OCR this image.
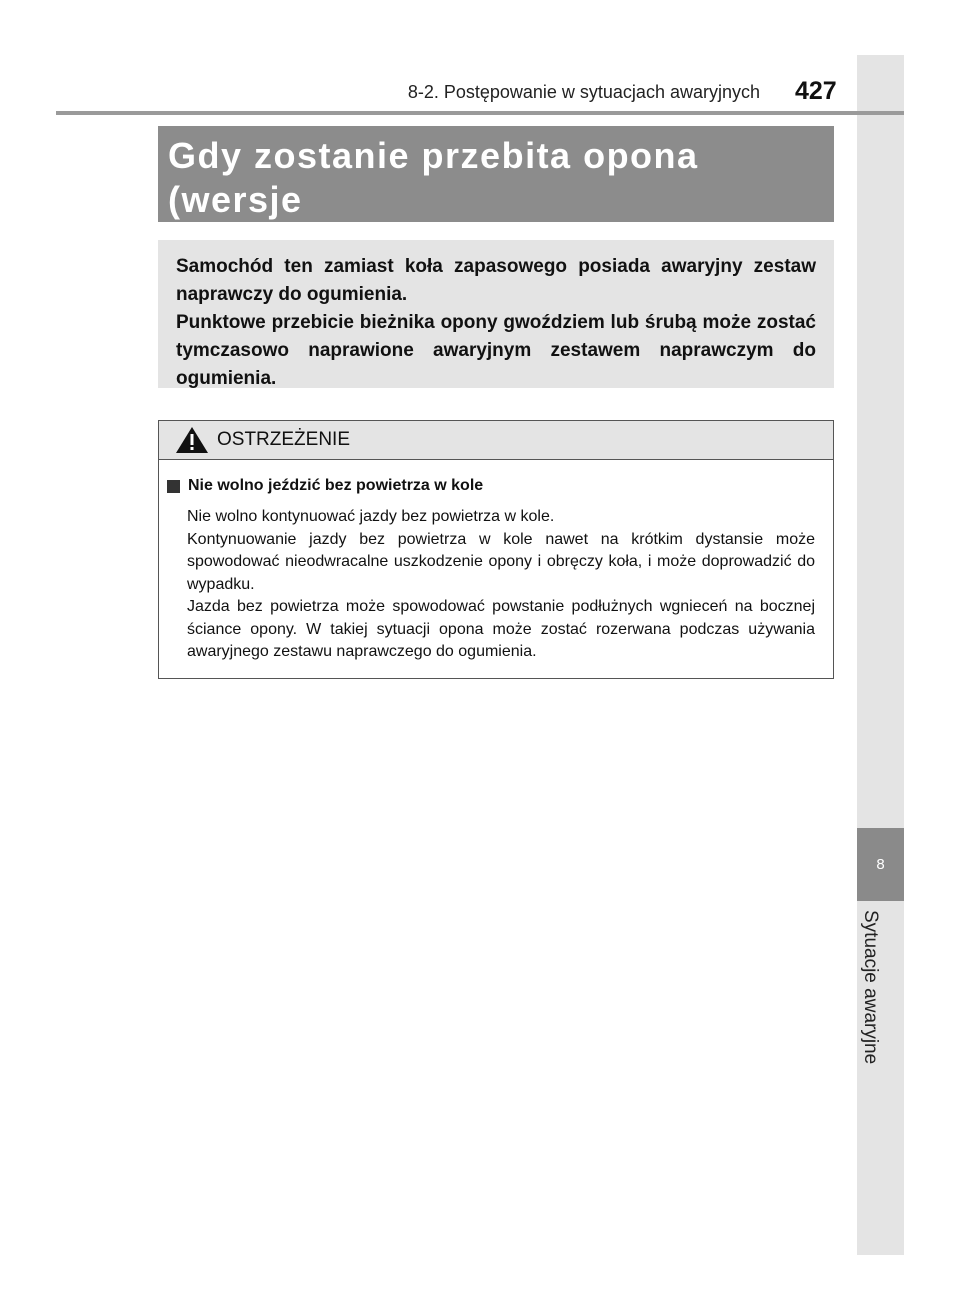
8
Sytuacje awaryjne
8-2. Postępowanie w sytuacjach awaryjnych 427
Gdy zostanie przebita opona (wersje

Samochód ten zamiast koła zapasowego posiada awaryjny zestaw naprawczy do ogumienia.

Punktowe przebicie bieżnika opony gwoździem lub śrubą może zostać tymczasowo naprawione awaryjnym zestawem naprawczym do ogumienia.

OSTRZEŻENIE
Nie wolno jeździć bez powietrza w kole
Nie wolno kontynuować jazdy bez powietrza w kole.
Kontynuowanie jazdy bez powietrza w kole nawet na krótkim dystansie może spowodować nieodwracalne uszkodzenie opony i obręczy koła, i może doprowadzić do wypadku.
Jazda bez powietrza może spowodować powstanie podłużnych wgnieceń na bocznej ściance opony. W takiej sytuacji opona może zostać rozerwana podczas używania awaryjnego zestawu naprawczego do ogumienia.
